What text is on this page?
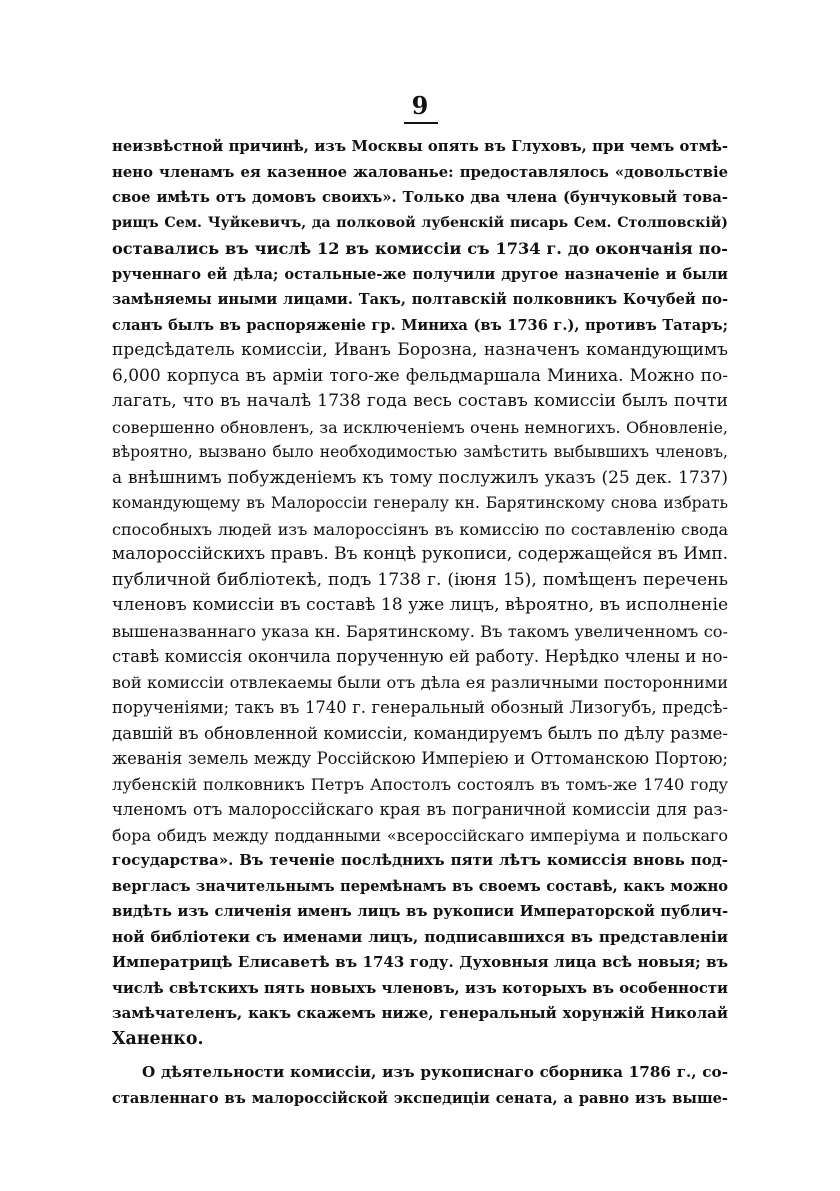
9
неизвѣстной причинѣ, изъ Москвы опять въ Глуховъ, при чемъ отмѣ-
нено членамъ ея казенное жалованье: предоставлялось «довольствіе
свое имѣть отъ домовъ своихъ». Только два члена (бунчуковый това-
рищъ Сем. Чуйкевичъ, да полковой лубенскій писарь Сем. Столповскій)
оставались въ числѣ 12 въ комиссіи съ 1734 г. до окончанія по-
рученнаго ей дѣла; остальные-же получили другое назначеніе и были
замѣняемы иными лицами. Такъ, полтавскій полковникъ Кочубей по-
сланъ былъ въ распоряженіе гр. Миниха (въ 1736 г.), противъ Татаръ;
предсѣдатель комиссіи, Иванъ Борозна, назначенъ командующимъ
6,000 корпуса въ арміи того-же фельдмаршала Миниха. Можно по-
лагать, что въ началѣ 1738 года весь составъ комиссіи былъ почти
совершенно обновленъ, за исключеніемъ очень немногихъ. Обновленіе,
вѣроятно, вызвано было необходимостью замѣстить выбывшихъ членовъ,
а внѣшнимъ побужденіемъ къ тому послужилъ указъ (25 дек. 1737)
командующему въ Малороссіи генералу кн. Барятинскому снова избрать
способныхъ людей изъ малороссіянъ въ комиссію по составленію свода
малороссійскихъ правъ. Въ концѣ рукописи, содержащейся въ Имп.
публичной библіотекѣ, подъ 1738 г. (іюня 15), помѣщенъ перечень
членовъ комиссіи въ составѣ 18 уже лицъ, вѣроятно, въ исполненіе
вышеназваннаго указа кн. Барятинскому. Въ такомъ увеличенномъ со-
ставѣ комиссія окончила порученную ей работу. Нерѣдко члены и но-
вой комиссіи отвлекаемы были отъ дѣла ея различными посторонними
порученіями; такъ въ 1740 г. генеральный обозный Лизогубъ, предсѣ-
давшій въ обновленной комиссіи, командируемъ былъ по дѣлу разме-
жеванія земель между Россійскою Имперіею и Оттоманскою Портою;
лубенскій полковникъ Петръ Апостолъ состоялъ въ томъ-же 1740 году
членомъ отъ малороссійскаго края въ пограничной комиссіи для раз-
бора обидъ между подданными «всероссійскаго имперіума и польскаго
государства». Въ теченіе послѣднихъ пяти лѣтъ комиссія вновь под-
вергласъ значительнымъ перемѣнамъ въ своемъ составѣ, какъ можно
видѣть изъ сличенія именъ лицъ въ рукописи Императорской публич-
ной библіотеки съ именами лицъ, подписавшихся въ представленіи
Императрицѣ Елисаветѣ въ 1743 году. Духовныя лица всѣ новыя; въ
числѣ свѣтскихъ пять новыхъ членовъ, изъ которыхъ въ особенности
замѣчателенъ, какъ скажемъ ниже, генеральный хорунжій Николай
Ханенко.
О дѣятельности комиссіи, изъ рукописнаго сборника 1786 г., со-
ставленнаго въ малороссійской экспедиціи сената, а равно изъ выше-
